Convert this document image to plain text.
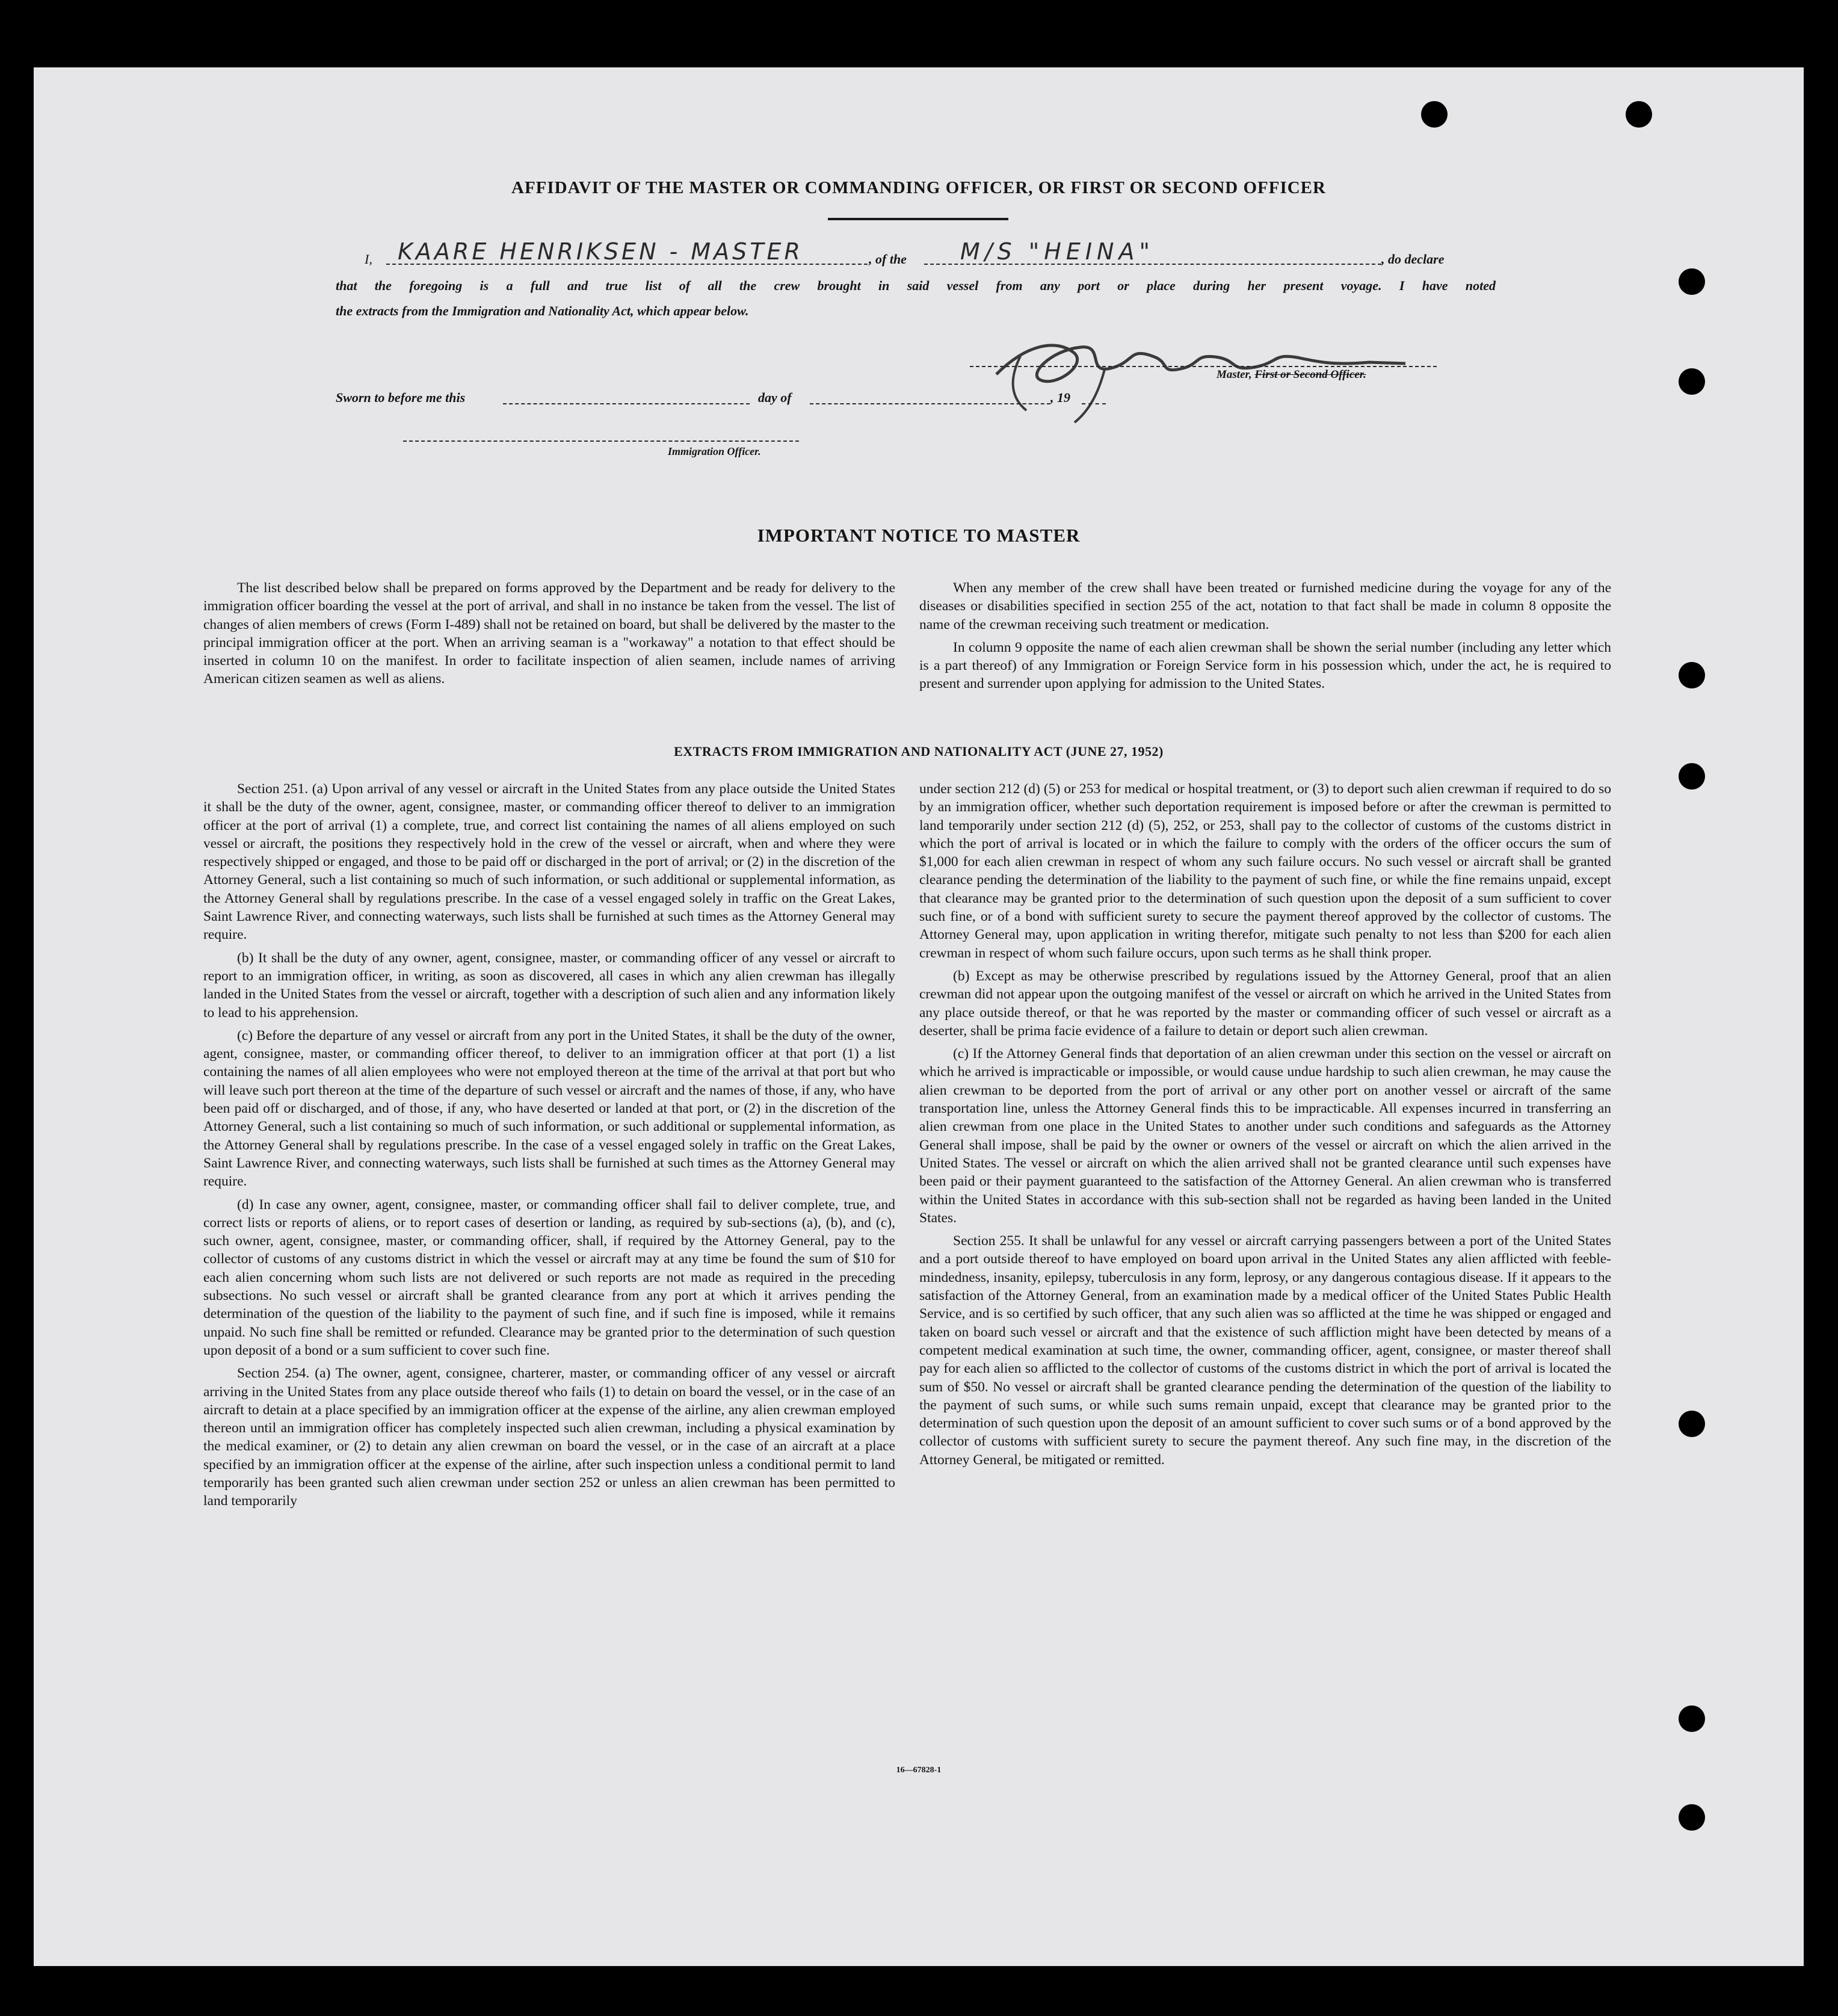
AFFIDAVIT OF THE MASTER OR COMMANDING OFFICER, OR FIRST OR SECOND OFFICER
I, KAARE HENRIKSEN - MASTER	, of the M/S "HEINA"	, do declare
that the foregoing is a full and true list of all the crew brought in said vessel from any port or place during her present voyage. I have noted
the extracts from the Immigration and Nationality Act, which appear below.
Master, First or Second Officer.
Sworn to before me this	day of	, 19
Immigration Officer.
IMPORTANT NOTICE TO MASTER

The list described below shall be prepared on forms approved by the Department and be ready for delivery to the immigration officer boarding the vessel at the port of arrival, and shall in no instance be taken from the vessel. The list of changes of alien members of crews (Form I-489) shall not be retained on board, but shall be delivered by the master to the principal immigration officer at the port. When an arriving seaman is a "workaway" a notation to that effect should be inserted in column 10 on the manifest. In order to facilitate inspection of alien seamen, include names of arriving American citizen seamen as well as aliens.

When any member of the crew shall have been treated or furnished medicine during the voyage for any of the diseases or disabilities specified in section 255 of the act, notation to that fact shall be made in column 8 opposite the name of the crewman receiving such treatment or medication.

In column 9 opposite the name of each alien crewman shall be shown the serial number (including any letter which is a part thereof) of any Immigration or Foreign Service form in his possession which, under the act, he is required to present and surrender upon applying for admission to the United States.

EXTRACTS FROM IMMIGRATION AND NATIONALITY ACT (JUNE 27, 1952)

Section 251. (a) Upon arrival of any vessel or aircraft in the United States from any place outside the United States it shall be the duty of the owner, agent, consignee, master, or commanding officer thereof to deliver to an immigration officer at the port of arrival (1) a complete, true, and correct list containing the names of all aliens employed on such vessel or aircraft, the positions they respectively hold in the crew of the vessel or aircraft, when and where they were respectively shipped or engaged, and those to be paid off or discharged in the port of arrival; or (2) in the discretion of the Attorney General, such a list containing so much of such information, or such additional or supplemental information, as the Attorney General shall by regulations prescribe. In the case of a vessel engaged solely in traffic on the Great Lakes, Saint Lawrence River, and connecting waterways, such lists shall be furnished at such times as the Attorney General may require.

(b) It shall be the duty of any owner, agent, consignee, master, or commanding officer of any vessel or aircraft to report to an immigration officer, in writing, as soon as discovered, all cases in which any alien crewman has illegally landed in the United States from the vessel or aircraft, together with a description of such alien and any information likely to lead to his apprehension.

(c) Before the departure of any vessel or aircraft from any port in the United States, it shall be the duty of the owner, agent, consignee, master, or commanding officer thereof, to deliver to an immigration officer at that port (1) a list containing the names of all alien employees who were not employed thereon at the time of the arrival at that port but who will leave such port thereon at the time of the departure of such vessel or aircraft and the names of those, if any, who have been paid off or discharged, and of those, if any, who have deserted or landed at that port, or (2) in the discretion of the Attorney General, such a list containing so much of such information, or such additional or supplemental information, as the Attorney General shall by regulations prescribe. In the case of a vessel engaged solely in traffic on the Great Lakes, Saint Lawrence River, and connecting waterways, such lists shall be furnished at such times as the Attorney General may require.

(d) In case any owner, agent, consignee, master, or commanding officer shall fail to deliver complete, true, and correct lists or reports of aliens, or to report cases of desertion or landing, as required by sub-sections (a), (b), and (c), such owner, agent, consignee, master, or commanding officer, shall, if required by the Attorney General, pay to the collector of customs of any customs district in which the vessel or aircraft may at any time be found the sum of $10 for each alien concerning whom such lists are not delivered or such reports are not made as required in the preceding subsections. No such vessel or aircraft shall be granted clearance from any port at which it arrives pending the determination of the question of the liability to the payment of such fine, and if such fine is imposed, while it remains unpaid. No such fine shall be remitted or refunded. Clearance may be granted prior to the determination of such question upon deposit of a bond or a sum sufficient to cover such fine.

Section 254. (a) The owner, agent, consignee, charterer, master, or commanding officer of any vessel or aircraft arriving in the United States from any place outside thereof who fails (1) to detain on board the vessel, or in the case of an aircraft to detain at a place specified by an immigration officer at the expense of the airline, any alien crewman employed thereon until an immigration officer has completely inspected such alien crewman, including a physical examination by the medical examiner, or (2) to detain any alien crewman on board the vessel, or in the case of an aircraft at a place specified by an immigration officer at the expense of the airline, after such inspection unless a conditional permit to land temporarily has been granted such alien crewman under section 252 or unless an alien crewman has been permitted to land temporarily

under section 212 (d) (5) or 253 for medical or hospital treatment, or (3) to deport such alien crewman if required to do so by an immigration officer, whether such deportation requirement is imposed before or after the crewman is permitted to land temporarily under section 212 (d) (5), 252, or 253, shall pay to the collector of customs of the customs district in which the port of arrival is located or in which the failure to comply with the orders of the officer occurs the sum of $1,000 for each alien crewman in respect of whom any such failure occurs. No such vessel or aircraft shall be granted clearance pending the determination of the liability to the payment of such fine, or while the fine remains unpaid, except that clearance may be granted prior to the determination of such question upon the deposit of a sum sufficient to cover such fine, or of a bond with sufficient surety to secure the payment thereof approved by the collector of customs. The Attorney General may, upon application in writing therefor, mitigate such penalty to not less than $200 for each alien crewman in respect of whom such failure occurs, upon such terms as he shall think proper.

(b) Except as may be otherwise prescribed by regulations issued by the Attorney General, proof that an alien crewman did not appear upon the outgoing manifest of the vessel or aircraft on which he arrived in the United States from any place outside thereof, or that he was reported by the master or commanding officer of such vessel or aircraft as a deserter, shall be prima facie evidence of a failure to detain or deport such alien crewman.

(c) If the Attorney General finds that deportation of an alien crewman under this section on the vessel or aircraft on which he arrived is impracticable or impossible, or would cause undue hardship to such alien crewman, he may cause the alien crewman to be deported from the port of arrival or any other port on another vessel or aircraft of the same transportation line, unless the Attorney General finds this to be impracticable. All expenses incurred in transferring an alien crewman from one place in the United States to another under such conditions and safeguards as the Attorney General shall impose, shall be paid by the owner or owners of the vessel or aircraft on which the alien arrived in the United States. The vessel or aircraft on which the alien arrived shall not be granted clearance until such expenses have been paid or their payment guaranteed to the satisfaction of the Attorney General. An alien crewman who is transferred within the United States in accordance with this sub-section shall not be regarded as having been landed in the United States.

Section 255. It shall be unlawful for any vessel or aircraft carrying passengers between a port of the United States and a port outside thereof to have employed on board upon arrival in the United States any alien afflicted with feeble-mindedness, insanity, epilepsy, tuberculosis in any form, leprosy, or any dangerous contagious disease. If it appears to the satisfaction of the Attorney General, from an examination made by a medical officer of the United States Public Health Service, and is so certified by such officer, that any such alien was so afflicted at the time he was shipped or engaged and taken on board such vessel or aircraft and that the existence of such affliction might have been detected by means of a competent medical examination at such time, the owner, commanding officer, agent, consignee, or master thereof shall pay for each alien so afflicted to the collector of customs of the customs district in which the port of arrival is located the sum of $50. No vessel or aircraft shall be granted clearance pending the determination of the question of the liability to the payment of such sums, or while such sums remain unpaid, except that clearance may be granted prior to the determination of such question upon the deposit of an amount sufficient to cover such sums or of a bond approved by the collector of customs with sufficient surety to secure the payment thereof. Any such fine may, in the discretion of the Attorney General, be mitigated or remitted.

16—67828-1
